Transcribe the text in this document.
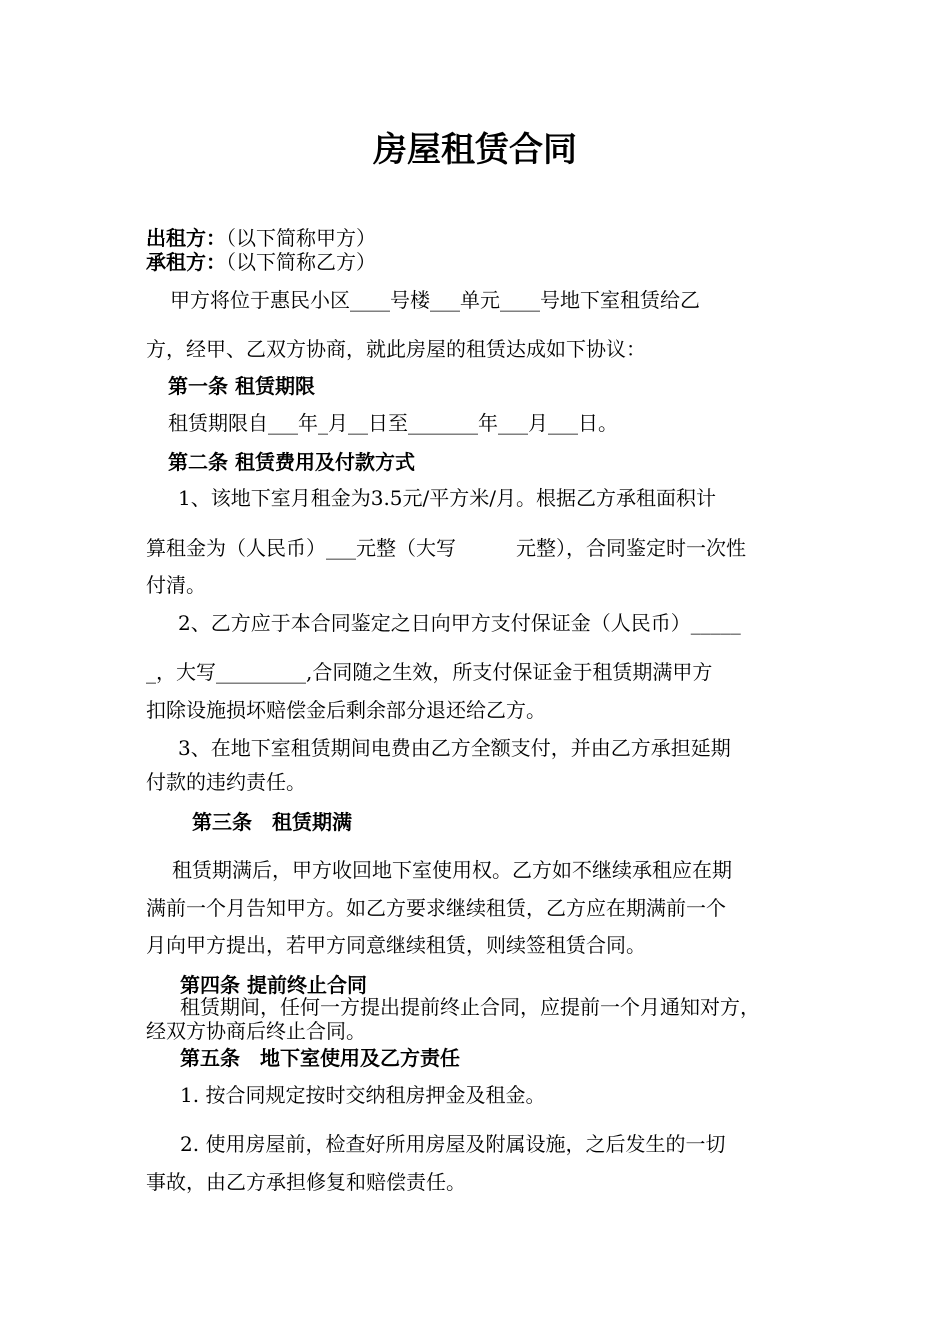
房屋租赁合同
出租方：（以下简称甲方）
承租方：（以下简称乙方）

甲方将位于惠民小区____号楼___单元____号地下室租赁给乙

方，经甲、乙双方协商，就此房屋的租赁达成如下协议：

第一条 租赁期限

租赁期限自___年_月__日至_______年___月___日。

第二条 租赁费用及付款方式

1、该地下室月租金为3.5元/平方米/月。根据乙方承租面积计

算租金为（人民币）___元整（大写　　　元整），合同鉴定时一次性

付清。

2、乙方应于本合同鉴定之日向甲方支付保证金（人民币）_____

_，大写_________,合同随之生效，所支付保证金于租赁期满甲方

扣除设施损坏赔偿金后剩余部分退还给乙方。

3、在地下室租赁期间电费由乙方全额支付，并由乙方承担延期

付款的违约责任。

第三条　租赁期满

租赁期满后，甲方收回地下室使用权。乙方如不继续承租应在期

满前一个月告知甲方。如乙方要求继续租赁，乙方应在期满前一个

月向甲方提出，若甲方同意继续租赁，则续签租赁合同。

第四条 提前终止合同

租赁期间，任何一方提出提前终止合同，应提前一个月通知对方，

经双方协商后终止合同。

第五条　地下室使用及乙方责任

1. 按合同规定按时交纳租房押金及租金。

2. 使用房屋前，检查好所用房屋及附属设施，之后发生的一切

事故，由乙方承担修复和赔偿责任。
